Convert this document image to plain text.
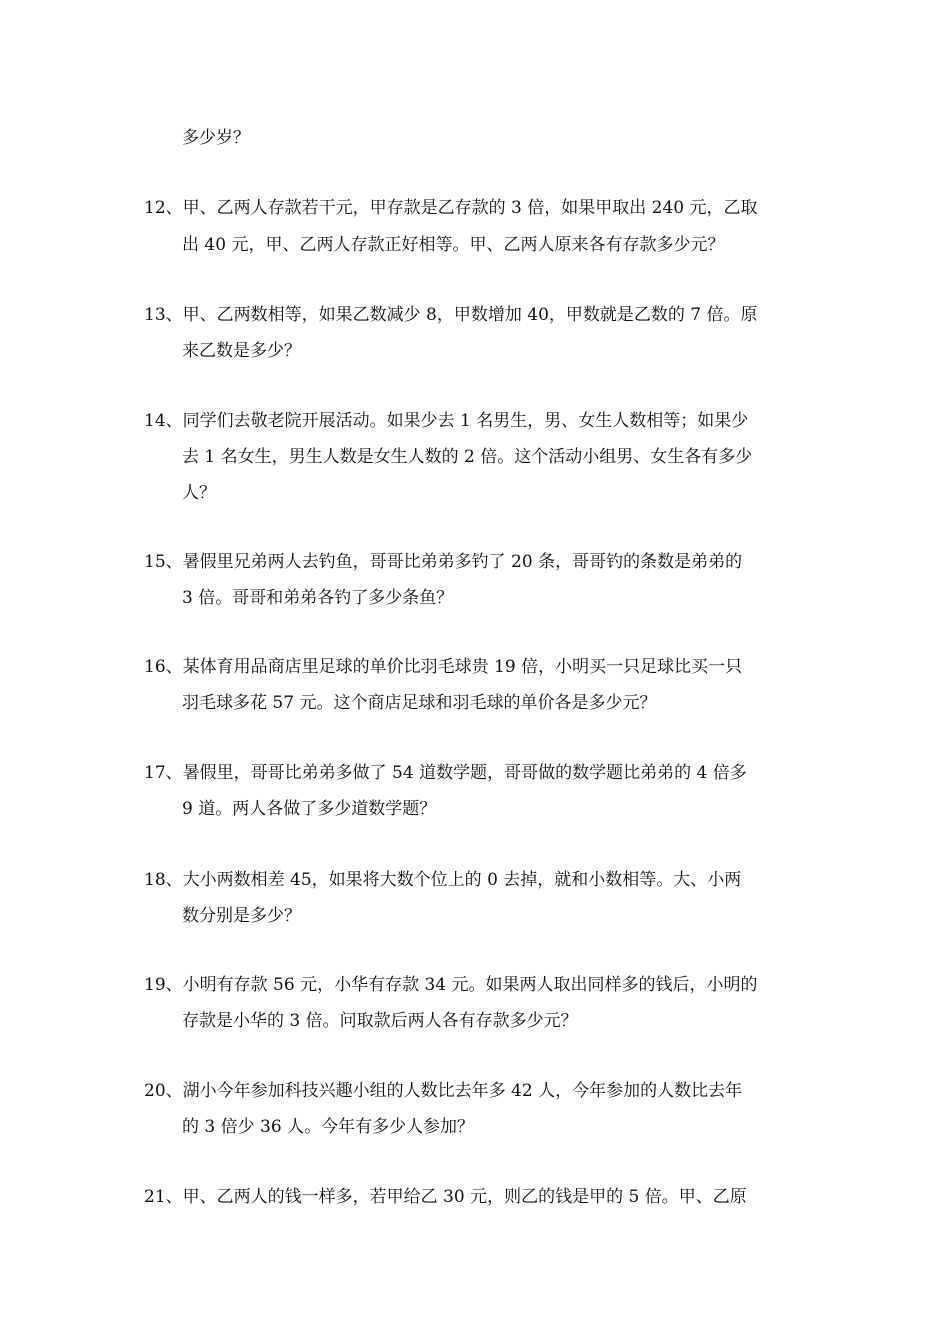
多少岁？
12、甲、乙两人存款若干元，甲存款是乙存款的 3 倍，如果甲取出 240 元，乙取
出 40 元，甲、乙两人存款正好相等。甲、乙两人原来各有存款多少元？
13、甲、乙两数相等，如果乙数减少 8，甲数增加 40，甲数就是乙数的 7 倍。原
来乙数是多少？
14、同学们去敬老院开展活动。如果少去 1 名男生，男、女生人数相等；如果少
去 1 名女生，男生人数是女生人数的 2 倍。这个活动小组男、女生各有多少
人？
15、暑假里兄弟两人去钓鱼，哥哥比弟弟多钓了 20 条，哥哥钓的条数是弟弟的
3 倍。哥哥和弟弟各钓了多少条鱼？
16、某体育用品商店里足球的单价比羽毛球贵 19 倍，小明买一只足球比买一只
羽毛球多花 57 元。这个商店足球和羽毛球的单价各是多少元？
17、暑假里，哥哥比弟弟多做了 54 道数学题，哥哥做的数学题比弟弟的 4 倍多
9 道。两人各做了多少道数学题？
18、大小两数相差 45，如果将大数个位上的 0 去掉，就和小数相等。大、小两
数分别是多少？
19、小明有存款 56 元，小华有存款 34 元。如果两人取出同样多的钱后，小明的
存款是小华的 3 倍。问取款后两人各有存款多少元？
20、湖小今年参加科技兴趣小组的人数比去年多 42 人，今年参加的人数比去年
的 3 倍少 36 人。今年有多少人参加？
21、甲、乙两人的钱一样多，若甲给乙 30 元，则乙的钱是甲的 5 倍。甲、乙原
